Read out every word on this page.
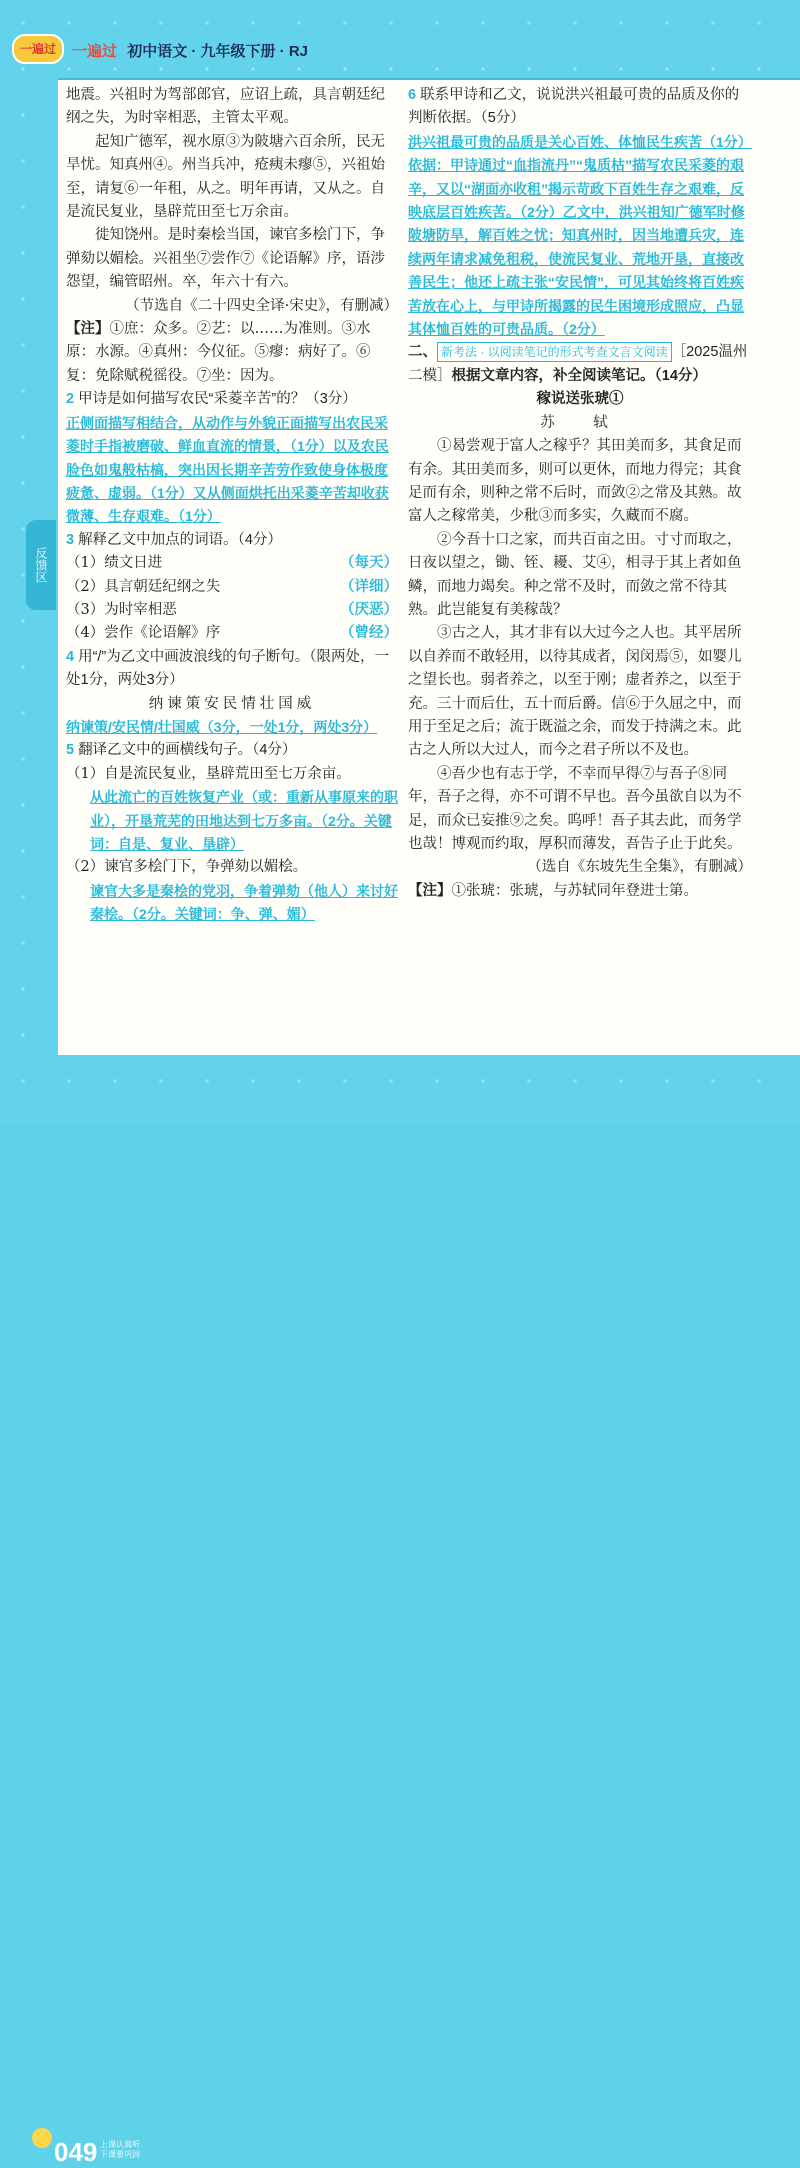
一遍过	一遍过 初中语文 · 九年级下册 · RJ
反馈区

地震。兴祖时为驾部郎官，应诏上疏，具言朝廷纪纲之失，为时宰相恶，主管太平观。

起知广德军，视水原③为陂塘六百余所，民无旱忧。知真州④。州当兵冲，疮痍未瘳⑤，兴祖始至，请复⑥一年租，从之。明年再请，又从之。自是流民复业，垦辟荒田至七万余亩。

徙知饶州。是时秦桧当国，谏官多桧门下，争弹劾以媚桧。兴祖坐⑦尝作⑦《论语解》序，语涉怨望，编管昭州。卒，年六十有六。

（节选自《二十四史全译·宋史》，有删减）

【注】①庶：众多。②艺：以……为准则。③水原：水源。④真州：今仪征。⑤瘳：病好了。⑥复：免除赋税徭役。⑦坐：因为。

2 甲诗是如何描写农民“采菱辛苦”的？（3分）

正侧面描写相结合，从动作与外貌正面描写出农民采菱时手指被磨破、鲜血直流的情景，（1分）以及农民脸色如鬼般枯槁，突出因长期辛苦劳作致使身体极度疲惫、虚弱。（1分）又从侧面烘托出采菱辛苦却收获微薄、生存艰难。（1分）

3 解释乙文中加点的词语。（4分）

（1）绩文日进	（每天）
（2）具言朝廷纪纲之失	（详细）
（3）为时宰相恶	（厌恶）
（4）尝作《论语解》序	（曾经）

4 用“/”为乙文中画波浪线的句子断句。（限两处，一处1分，两处3分）

纳谏策安民情壮国威

纳谏策/安民情/壮国威（3分，一处1分，两处3分）

5 翻译乙文中的画横线句子。（4分）

（1）自是流民复业，垦辟荒田至七万余亩。

从此流亡的百姓恢复产业（或：重新从事原来的职业），开垦荒芜的田地达到七万多亩。（2分。关键词：自是、复业、垦辟）

（2）谏官多桧门下，争弹劾以媚桧。

谏官大多是秦桧的党羽，争着弹劾（他人）来讨好秦桧。（2分。关键词：争、弹、媚）

6 联系甲诗和乙文，说说洪兴祖最可贵的品质及你的判断依据。（5分）

洪兴祖最可贵的品质是关心百姓、体恤民生疾苦（1分）依据：甲诗通过“血指流丹”“鬼质枯”描写农民采菱的艰辛，又以“湖面亦收租”揭示苛政下百姓生存之艰难，反映底层百姓疾苦。（2分）乙文中，洪兴祖知广德军时修陂塘防旱，解百姓之忧；知真州时，因当地遭兵灾，连续两年请求减免租税，使流民复业、荒地开垦，直接改善民生；他还上疏主张“安民情”，可见其始终将百姓疾苦放在心上，与甲诗所揭露的民生困境形成照应，凸显其体恤百姓的可贵品质。（2分）

二、 新考法 · 以阅读笔记的形式考查文言文阅读 ［2025温州二模］根据文章内容，补全阅读笔记。（14分）

稼说送张琥①

苏　轼

①曷尝观于富人之稼乎？其田美而多，其食足而有余。其田美而多，则可以更休，而地力得完；其食足而有余，则种之常不后时，而敛②之常及其熟。故富人之稼常美，少秕③而多实，久藏而不腐。

②今吾十口之家，而共百亩之田。寸寸而取之，日夜以望之，锄、铚、耰、艾④，相寻于其上者如鱼鳞，而地力竭矣。种之常不及时，而敛之常不待其熟。此岂能复有美稼哉？

③古之人，其才非有以大过今之人也。其平居所以自养而不敢轻用，以待其成者，闵闵焉⑤，如婴儿之望长也。弱者养之，以至于刚；虚者养之，以至于充。三十而后仕，五十而后爵。信⑥于久屈之中，而用于至足之后；流于既溢之余，而发于持满之末。此古之人所以大过人，而今之君子所以不及也。

④吾少也有志于学，不幸而早得⑦与吾子⑧同年，吾子之得，亦不可谓不早也。吾今虽欲自以为不足，而众已妄推⑨之矣。呜呼！吾子其去此，而务学也哉！博观而约取，厚积而薄发，吾告子止于此矣。

（选自《东坡先生全集》，有删减）

【注】①张琥：张琥，与苏轼同年登进士第。

049 上课认真听
下课要巩固
